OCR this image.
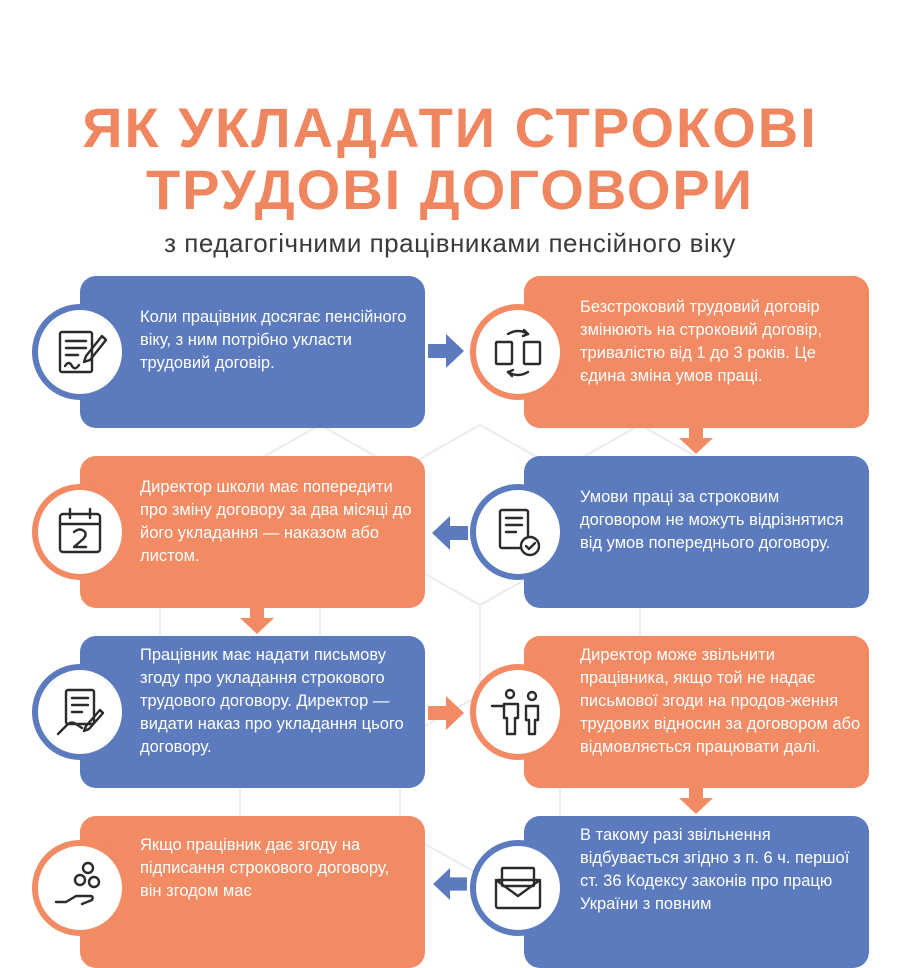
ЯК УКЛАДАТИ СТРОКОВІ
ТРУДОВІ ДОГОВОРИ
з педагогічними працівниками пенсійного віку

Коли працівник досягає пенсійного віку, з ним потрібно укласти трудовий договір.

Безстроковий трудовий договір змінюють на строковий договір, тривалістю від 1 до 3 років. Це єдина зміна умов праці.

Умови праці за строковим договором не можуть відрізнятися від умов попереднього договору.

Директор школи має попередити про зміну договору за два місяці до його укладання — наказом або листом.

Працівник має надати письмову згоду про укладання строкового трудового договору. Директор — видати наказ про укладання цього договору.

Директор може звільнити працівника, якщо той не надає письмової згоди на продов-ження трудових відносин за договором або відмовляється працювати далі.

В такому разі звільнення відбувається згідно з п. 6 ч. першої ст. 36 Кодексу законів про працю України з повним

Якщо працівник дає згоду на підписання строкового договору, він згодом має
